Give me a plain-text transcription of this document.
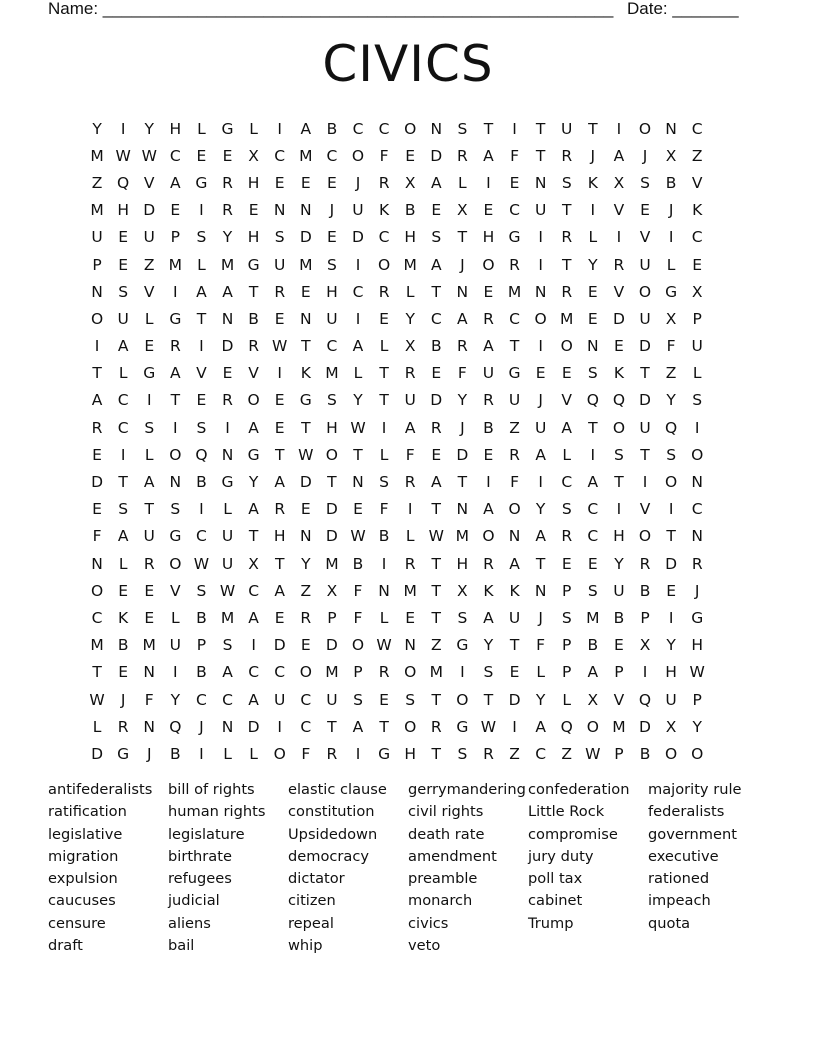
Name: ______________________________________________________ Date: _______
CIVICS
Y	I	Y	H	L	G	L	I	A B C C O N S	T	I	T	U	T	I	O N C
M W W C	E	E	X C M C O	F	E D R A	F	T	R	J	A	J	X Z
Z Q V A G R H E	E	E	J	R X A	L	I	E N S	K	X	S	B V
M H D E	I	R	E N N	J	U K	B	E	X	E	C U	T	I	V	E	J	K
U	E	U	P	S	Y	H S D E D C H S	T	H G	I	R	L	I	V	I	C
P	E	Z M L M G U M S	I	O M A	J	O R	I	T	Y	R U	L	E
N S	V	I	A A	T	R	E H C R	L	T	N E M N R	E	V O G X
O U	L	G T	N B	E N U	I	E	Y	C A R C O M E D U X	P
I	A	E	R	I	D R W T	C A	L	X B R A	T	I	O N E D	F	U
T	L	G A V	E	V	I	K M L	T	R	E	F	U G E	E	S	K	T	Z	L
A C	I	T	E	R O E G S	Y	T	U D Y	R U	J	V Q Q D Y	S
R C	S	I	S	I	A	E	T	H W	I	A R	J	B Z U A	T O U Q	I
E	I	L	O Q N G T W O T	L	F	E D E	R A	L	I	S	T	S O
D T	A N B G Y	A D T	N S	R A	T	I	F	I	C A	T	I	O N
E	S	T	S	I	L	A R	E D E	F	I	T	N A O Y	S	C	I	V	I	C
F	A U G C U	T	H N D W B	L W M O N A R C H O T	N
N	L	R O W U X	T	Y M B	I	R	T	H R A	T	E	E	Y	R D R
O E	E	V	S W C A Z X	F	N M T	X	K	K N	P	S U B	E	J
C	K	E	L	B M A	E	R	P	F	L	E	T	S	A U	J	S M B	P	I	G
M B M U	P	S	I	D E D O W N Z G Y	T	F	P	B	E	X	Y	H
T	E N	I	B A C C O M P	R O M	I	S	E	L	P	A	P	I	H W
W	J	F	Y	C C A U C U	S	E	S	T O T D Y	L	X V Q U	P
L	R N Q	J	N D	I	C	T	A	T O R G W	I	A Q O M D X	Y
D G	J	B	I	L	L	O	F	R	I	G H	T	S	R Z C Z W P	B O O
antifederalists	bill of rights	elastic clause	gerrymandering confederation	majority rule
ratification	human rights	constitution	civil rights	Little Rock	federalists
legislative	legislature	Upsidedown	death rate	compromise	government
migration	birthrate	democracy	amendment	jury duty	executive
expulsion	refugees	dictator	preamble	poll tax	rationed
caucuses	judicial	citizen	monarch	cabinet	impeach
censure	aliens	repeal	civics	Trump	quota
draft	bail	whip	veto
